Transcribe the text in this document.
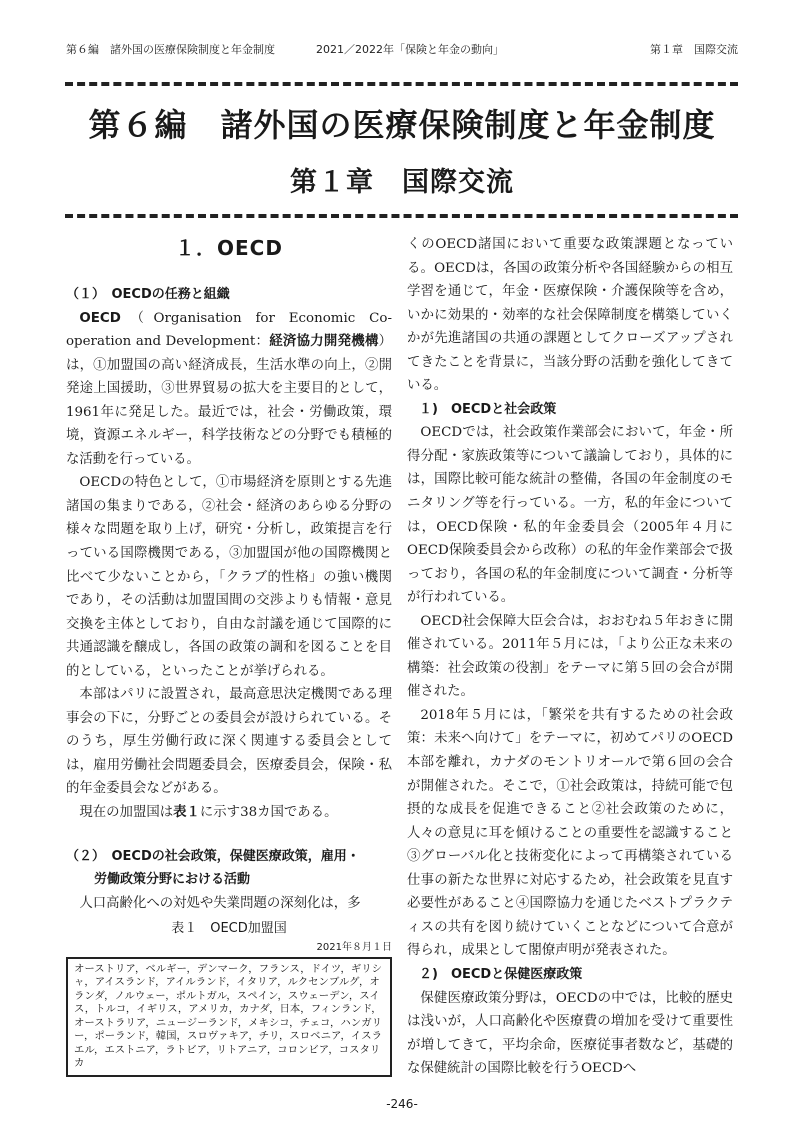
第６編　諸外国の医療保険制度と年金制度	2021／2022年「保険と年金の動向」	第１章　国際交流
第６編　諸外国の医療保険制度と年金制度
第１章　国際交流
１．OECD
（１）　OECDの任務と組織

OECD（Organisation for Economic Co-operation and Development：経済協力開発機構）は，①加盟国の高い経済成長，生活水準の向上，②開発途上国援助，③世界貿易の拡大を主要目的として，1961年に発足した。最近では，社会・労働政策，環境，資源エネルギー，科学技術などの分野でも積極的な活動を行っている。

OECDの特色として，①市場経済を原則とする先進諸国の集まりである，②社会・経済のあらゆる分野の様々な問題を取り上げ，研究・分析し，政策提言を行っている国際機関である，③加盟国が他の国際機関と比べて少ないことから，「クラブ的性格」の強い機関であり，その活動は加盟国間の交渉よりも情報・意見交換を主体としており，自由な討議を通じて国際的に共通認識を醸成し，各国の政策の調和を図ることを目的としている，といったことが挙げられる。

本部はパリに設置され，最高意思決定機関である理事会の下に，分野ごとの委員会が設けられている。そのうち，厚生労働行政に深く関連する委員会としては，雇用労働社会問題委員会，医療委員会，保険・私的年金委員会などがある。

現在の加盟国は表１に示す38カ国である。

（２）　OECDの社会政策，保健医療政策，雇用・
労働政策分野における活動

人口高齢化への対処や失業問題の深刻化は，多

表１　OECD加盟国
2021年８月１日
オーストリア，ベルギー，デンマーク，フランス，ドイツ，ギリシャ，アイスランド，アイルランド，イタリア，ルクセンブルグ，オランダ，ノルウェー，ポルトガル，スペイン，スウェーデン，スイス，トルコ，イギリス，アメリカ，カナダ，日本，フィンランド，オーストラリア，ニュージーランド，メキシコ，チェコ，ハンガリー，ポーランド，韓国，スロヴァキア，チリ，スロベニア，イスラエル，エストニア，ラトビア，リトアニア，コロンビア，コスタリカ

くのOECD諸国において重要な政策課題となっている。OECDは，各国の政策分析や各国経験からの相互学習を通じて，年金・医療保険・介護保険等を含め，いかに効果的・効率的な社会保障制度を構築していくかが先進諸国の共通の課題としてクローズアップされてきたことを背景に，当該分野の活動を強化してきている。

１)　OECDと社会政策

OECDでは，社会政策作業部会において，年金・所得分配・家族政策等について議論しており，具体的には，国際比較可能な統計の整備，各国の年金制度のモニタリング等を行っている。一方，私的年金については，OECD保険・私的年金委員会（2005年４月にOECD保険委員会から改称）の私的年金作業部会で扱っており，各国の私的年金制度について調査・分析等が行われている。

OECD社会保障大臣会合は，おおむね５年おきに開催されている。2011年５月には，「より公正な未来の構築：社会政策の役割」をテーマに第５回の会合が開催された。

2018年５月には，「繁栄を共有するための社会政策：未来へ向けて」をテーマに，初めてパリのOECD本部を離れ，カナダのモントリオールで第６回の会合が開催された。そこで，①社会政策は，持続可能で包摂的な成長を促進できること②社会政策のために，人々の意見に耳を傾けることの重要性を認識すること③グローバル化と技術変化によって再構築されている仕事の新たな世界に対応するため，社会政策を見直す必要性があること④国際協力を通じたベストプラクティスの共有を図り続けていくことなどについて合意が得られ，成果として閣僚声明が発表された。

２)　OECDと保健医療政策

保健医療政策分野は，OECDの中では，比較的歴史は浅いが，人口高齢化や医療費の増加を受けて重要性が増してきて，平均余命，医療従事者数など，基礎的な保健統計の国際比較を行うOECDへ

-246-
